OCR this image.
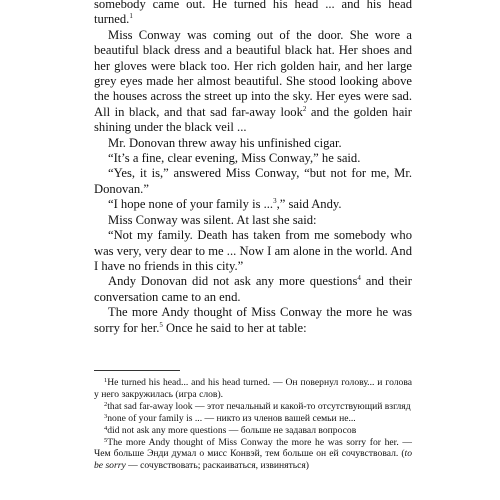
somebody came out. He turned his head ... and his head turned.$^1$

Miss Conway was coming out of the door. She wore a beautiful black dress and a beautiful black hat. Her shoes and her gloves were black too. Her rich golden hair, and her large grey eyes made her almost beautiful. She stood looking above the houses across the street up into the sky. Her eyes were sad. All in black, and that sad far-away look$^2$ and the golden hair shining under the black veil ...

Mr. Donovan threw away his unfinished cigar.

“It’s a fine, clear evening, Miss Conway,” he said.

“Yes, it is,” answered Miss Conway, “but not for me, Mr. Donovan.”

“I hope none of your family is ...$^3$,” said Andy.

Miss Conway was silent. At last she said:

“Not my family. Death has taken from me somebody who was very, very dear to me ... Now I am alone in the world. And I have no friends in this city.”

Andy Donovan did not ask any more questions$^4$ and their conversation came to an end.

The more Andy thought of Miss Conway the more he was sorry for her.$^5$ Once he said to her at table:

$^1$He turned his head... and his head turned. — Он повернул голову... и голова у него закружилась (игра слов).

$^2$that sad far-away look — этот печальный и какой-то отсутствующий взгляд

$^3$none of your family is ... — никто из членов вашей семьи не...

$^4$did not ask any more questions — больше не задавал вопросов

$^5$The more Andy thought of Miss Conway the more he was sorry for her. — Чем больше Энди думал о мисс Конвэй, тем больше он ей сочувствовал. (to be sorry — сочувствовать; раскаиваться, извиняться)
